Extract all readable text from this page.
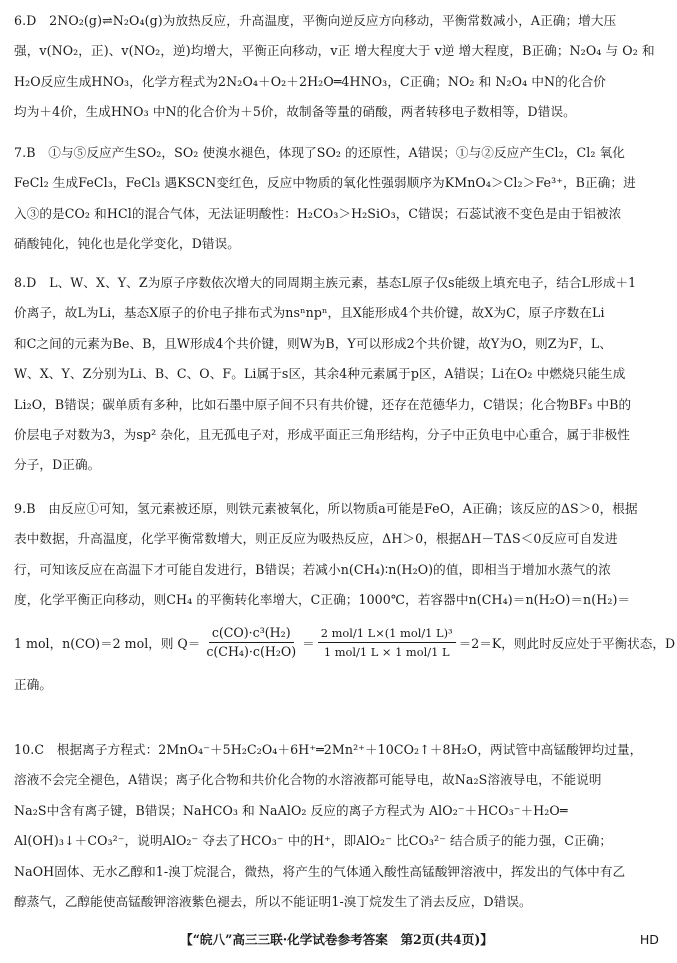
6.D　2NO₂(g)⇌N₂O₄(g)为放热反应，升高温度，平衡向逆反应方向移动，平衡常数减小，A正确；增大压
强，v(NO₂，正)、v(NO₂，逆)均增大，平衡正向移动，v正 增大程度大于 v逆 增大程度，B正确；N₂O₄ 与 O₂ 和
H₂O反应生成HNO₃，化学方程式为2N₂O₄＋O₂＋2H₂O═4HNO₃，C正确；NO₂ 和 N₂O₄ 中N的化合价
均为＋4价，生成HNO₃ 中N的化合价为＋5价，故制备等量的硝酸，两者转移电子数相等，D错误。
7.B　①与⑤反应产生SO₂，SO₂ 使溴水褪色，体现了SO₂ 的还原性，A错误；①与②反应产生Cl₂，Cl₂ 氧化
FeCl₂ 生成FeCl₃，FeCl₃ 遇KSCN变红色，反应中物质的氧化性强弱顺序为KMnO₄＞Cl₂＞Fe³⁺，B正确；进
入③的是CO₂ 和HCl的混合气体，无法证明酸性：H₂CO₃＞H₂SiO₃，C错误；石蕊试液不变色是由于铝被浓
硝酸钝化，钝化也是化学变化，D错误。
8.D　L、W、X、Y、Z为原子序数依次增大的同周期主族元素，基态L原子仅s能级上填充电子，结合L形成＋1
价离子，故L为Li，基态X原子的价电子排布式为nsⁿnpⁿ，且X能形成4个共价键，故X为C，原子序数在Li
和C之间的元素为Be、B，且W形成4个共价键，则W为B，Y可以形成2个共价键，故Y为O，则Z为F，L、
W、X、Y、Z分别为Li、B、C、O、F。Li属于s区，其余4种元素属于p区，A错误；Li在O₂ 中燃烧只能生成
Li₂O，B错误；碳单质有多种，比如石墨中原子间不只有共价键，还存在范德华力，C错误；化合物BF₃ 中B的
价层电子对数为3，为sp² 杂化，且无孤电子对，形成平面正三角形结构，分子中正负电中心重合，属于非极性
分子，D正确。
9.B　由反应①可知，氢元素被还原，则铁元素被氧化，所以物质a可能是FeO，A正确；该反应的ΔS＞0，根据
表中数据，升高温度，化学平衡常数增大，则正反应为吸热反应，ΔH＞0，根据ΔH－TΔS＜0反应可自发进
行，可知该反应在高温下才可能自发进行，B错误；若减小n(CH₄)∶n(H₂O)的值，即相当于增加水蒸气的浓
度，化学平衡正向移动，则CH₄ 的平衡转化率增大，C正确；1000℃，若容器中n(CH₄)＝n(H₂O)＝n(H₂)＝
1 mol，n(CO)＝2 mol，则 $Q= \frac{\text{c(CO)·c³(H₂)}}{\text{c(CH₄)·c(H₂O)}} = \frac{\text{2 mol/1 L×(1 mol/1 L)³}}{\text{1 mol/1 L × 1 mol/1 L}} =2=K$，则此时反应处于平衡状态，D
正确。
10.C　根据离子方程式：2MnO₄⁻＋5H₂C₂O₄＋6H⁺═2Mn²⁺＋10CO₂↑＋8H₂O，两试管中高锰酸钾均过量，
溶液不会完全褪色，A错误；离子化合物和共价化合物的水溶液都可能导电，故Na₂S溶液导电，不能说明
Na₂S中含有离子键，B错误；NaHCO₃ 和 NaAlO₂ 反应的离子方程式为 AlO₂⁻＋HCO₃⁻＋H₂O═
Al(OH)₃↓＋CO₃²⁻，说明AlO₂⁻ 夺去了HCO₃⁻ 中的H⁺，即AlO₂⁻ 比CO₃²⁻ 结合质子的能力强，C正确；
NaOH固体、无水乙醇和1-溴丁烷混合，微热，将产生的气体通入酸性高锰酸钾溶液中，挥发出的气体中有乙
醇蒸气，乙醇能使高锰酸钾溶液紫色褪去，所以不能证明1-溴丁烷发生了消去反应，D错误。
【“皖八”高三三联·化学试卷参考答案　第2页(共4页)】	HD
